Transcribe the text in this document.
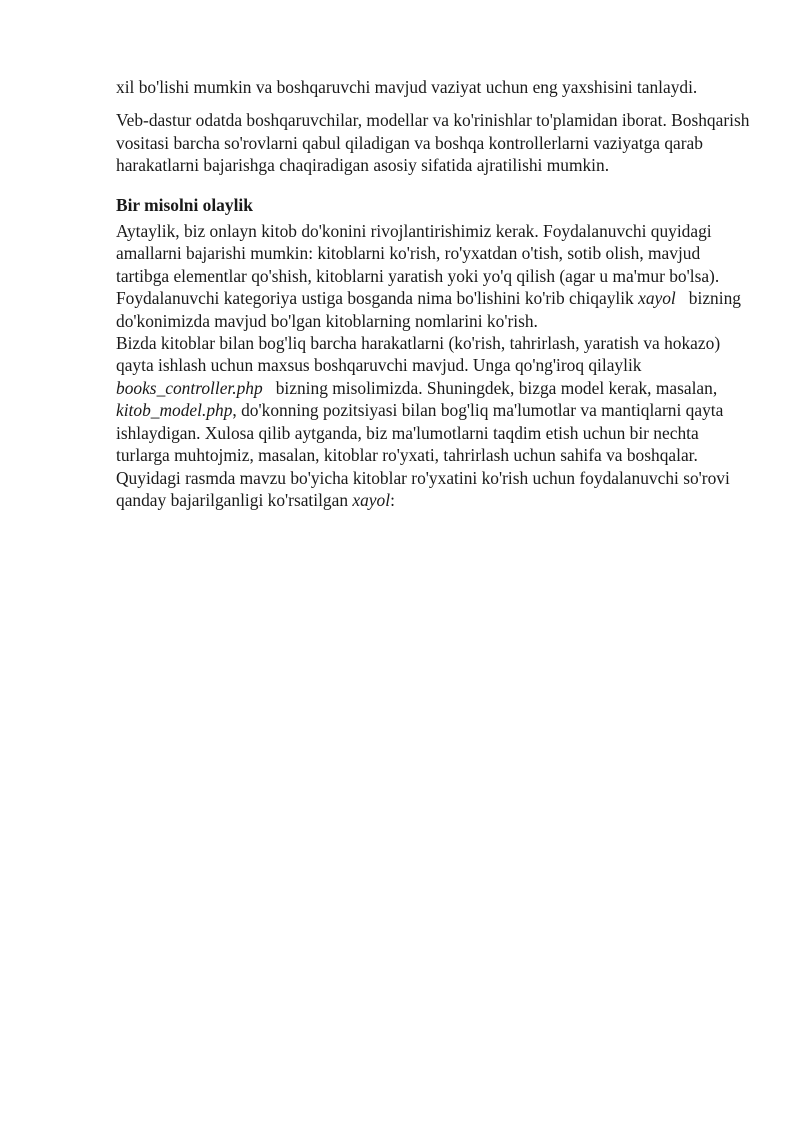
xil bo'lishi mumkin va boshqaruvchi mavjud vaziyat uchun eng yaxshisini tanlaydi.

Veb-dastur odatda boshqaruvchilar, modellar va ko'rinishlar to'plamidan iborat. Boshqarish vositasi barcha so'rovlarni qabul qiladigan va boshqa kontrollerlarni vaziyatga qarab harakatlarni bajarishga chaqiradigan asosiy sifatida ajratilishi mumkin.

Bir misolni olaylik

Aytaylik, biz onlayn kitob do'konini rivojlantirishimiz kerak. Foydalanuvchi quyidagi amallarni bajarishi mumkin: kitoblarni ko'rish, ro'yxatdan o'tish, sotib olish, mavjud tartibga elementlar qo'shish, kitoblarni yaratish yoki yo'q qilish (agar u ma'mur bo'lsa). Foydalanuvchi kategoriya ustiga bosganda nima bo'lishini ko'rib chiqaylik xayol   bizning do'konimizda mavjud bo'lgan kitoblarning nomlarini ko'rish.

Bizda kitoblar bilan bog'liq barcha harakatlarni (ko'rish, tahrirlash, yaratish va hokazo) qayta ishlash uchun maxsus boshqaruvchi mavjud. Unga qo'ng'iroq qilaylik books_controller.php   bizning misolimizda. Shuningdek, bizga model kerak, masalan, kitob_model.php, do'konning pozitsiyasi bilan bog'liq ma'lumotlar va mantiqlarni qayta ishlaydigan. Xulosa qilib aytganda, biz ma'lumotlarni taqdim etish uchun bir nechta turlarga muhtojmiz, masalan, kitoblar ro'yxati, tahrirlash uchun sahifa va boshqalar.

Quyidagi rasmda mavzu bo'yicha kitoblar ro'yxatini ko'rish uchun foydalanuvchi so'rovi qanday bajarilganligi ko'rsatilgan xayol:
